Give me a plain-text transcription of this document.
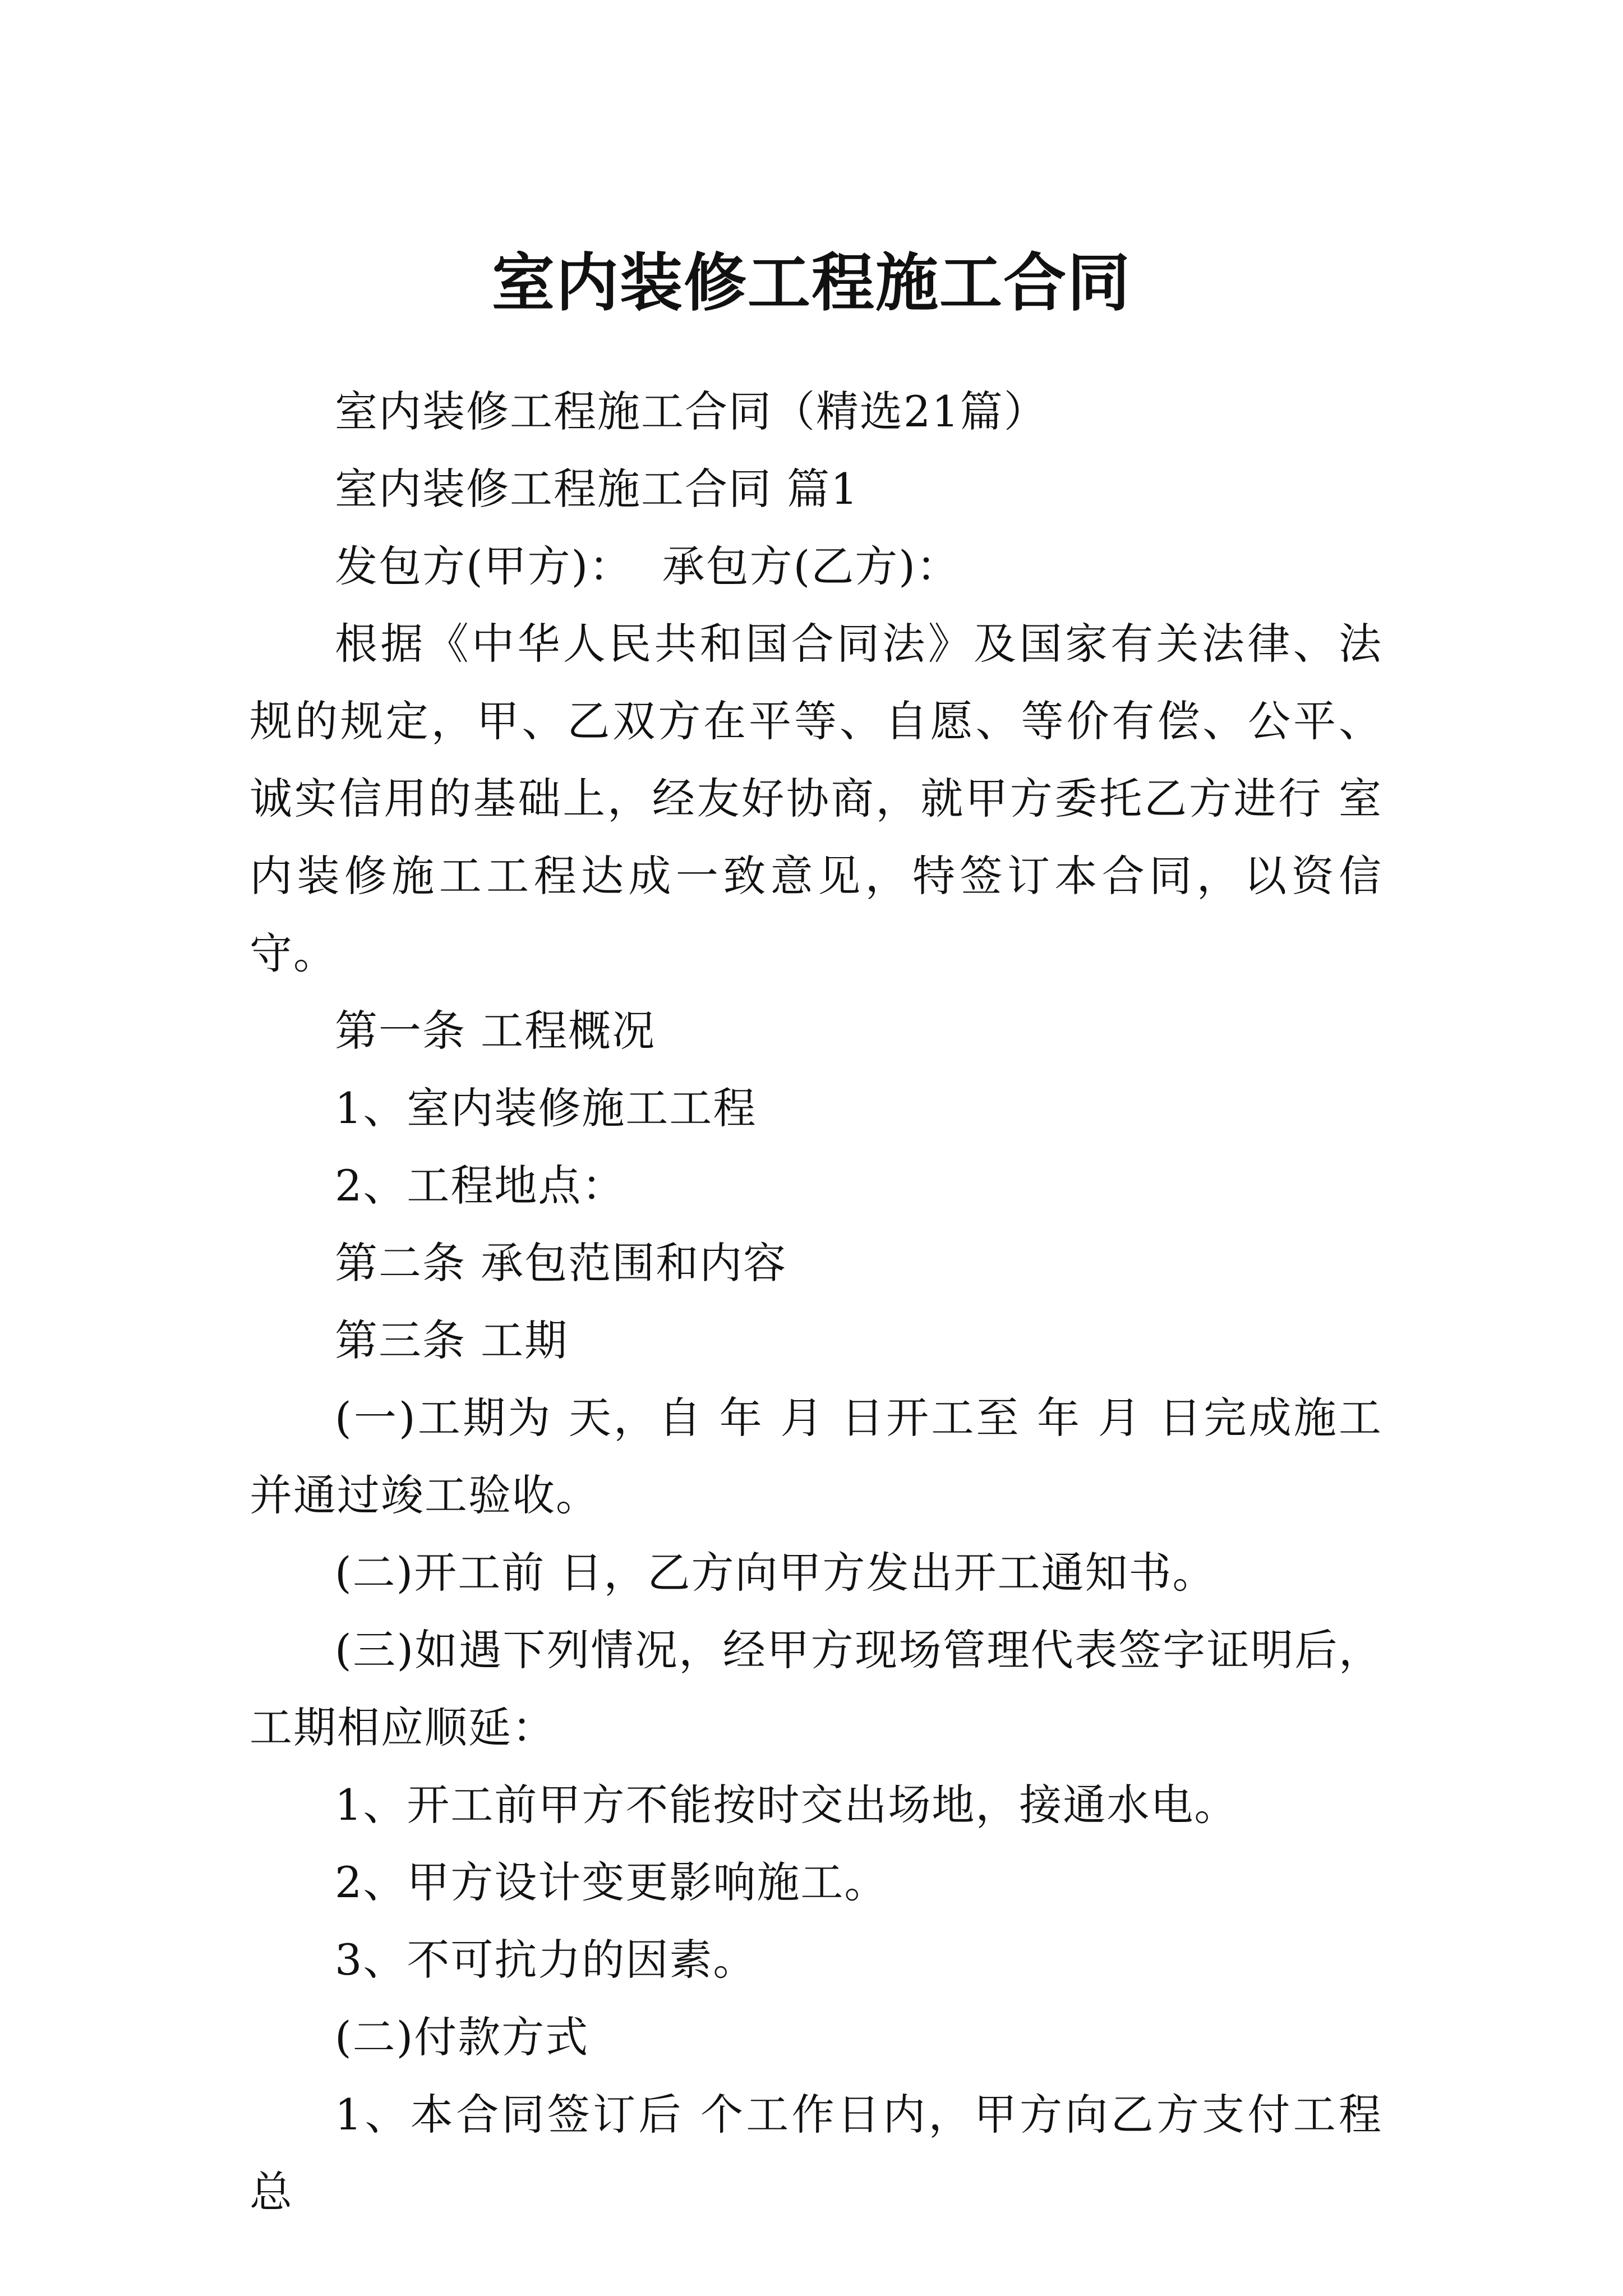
室内装修工程施工合同

室内装修工程施工合同（精选21篇）

室内装修工程施工合同 篇1

发包方(甲方)：  承包方(乙方)：

根据《中华人民共和国合同法》及国家有关法律、法规的规定，甲、乙双方在平等、自愿、等价有偿、公平、诚实信用的基础上，经友好协商，就甲方委托乙方进行 室内装修施工工程达成一致意见，特签订本合同，以资信守。

第一条 工程概况

1、室内装修施工工程

2、工程地点：

第二条 承包范围和内容

第三条 工期

(一)工期为 天，自 年 月 日开工至 年 月 日完成施工并通过竣工验收。

(二)开工前 日，乙方向甲方发出开工通知书。

(三)如遇下列情况，经甲方现场管理代表签字证明后，工期相应顺延：

1、开工前甲方不能按时交出场地，接通水电。

2、甲方设计变更影响施工。

3、不可抗力的因素。

(二)付款方式

1、本合同签订后 个工作日内，甲方向乙方支付工程总
